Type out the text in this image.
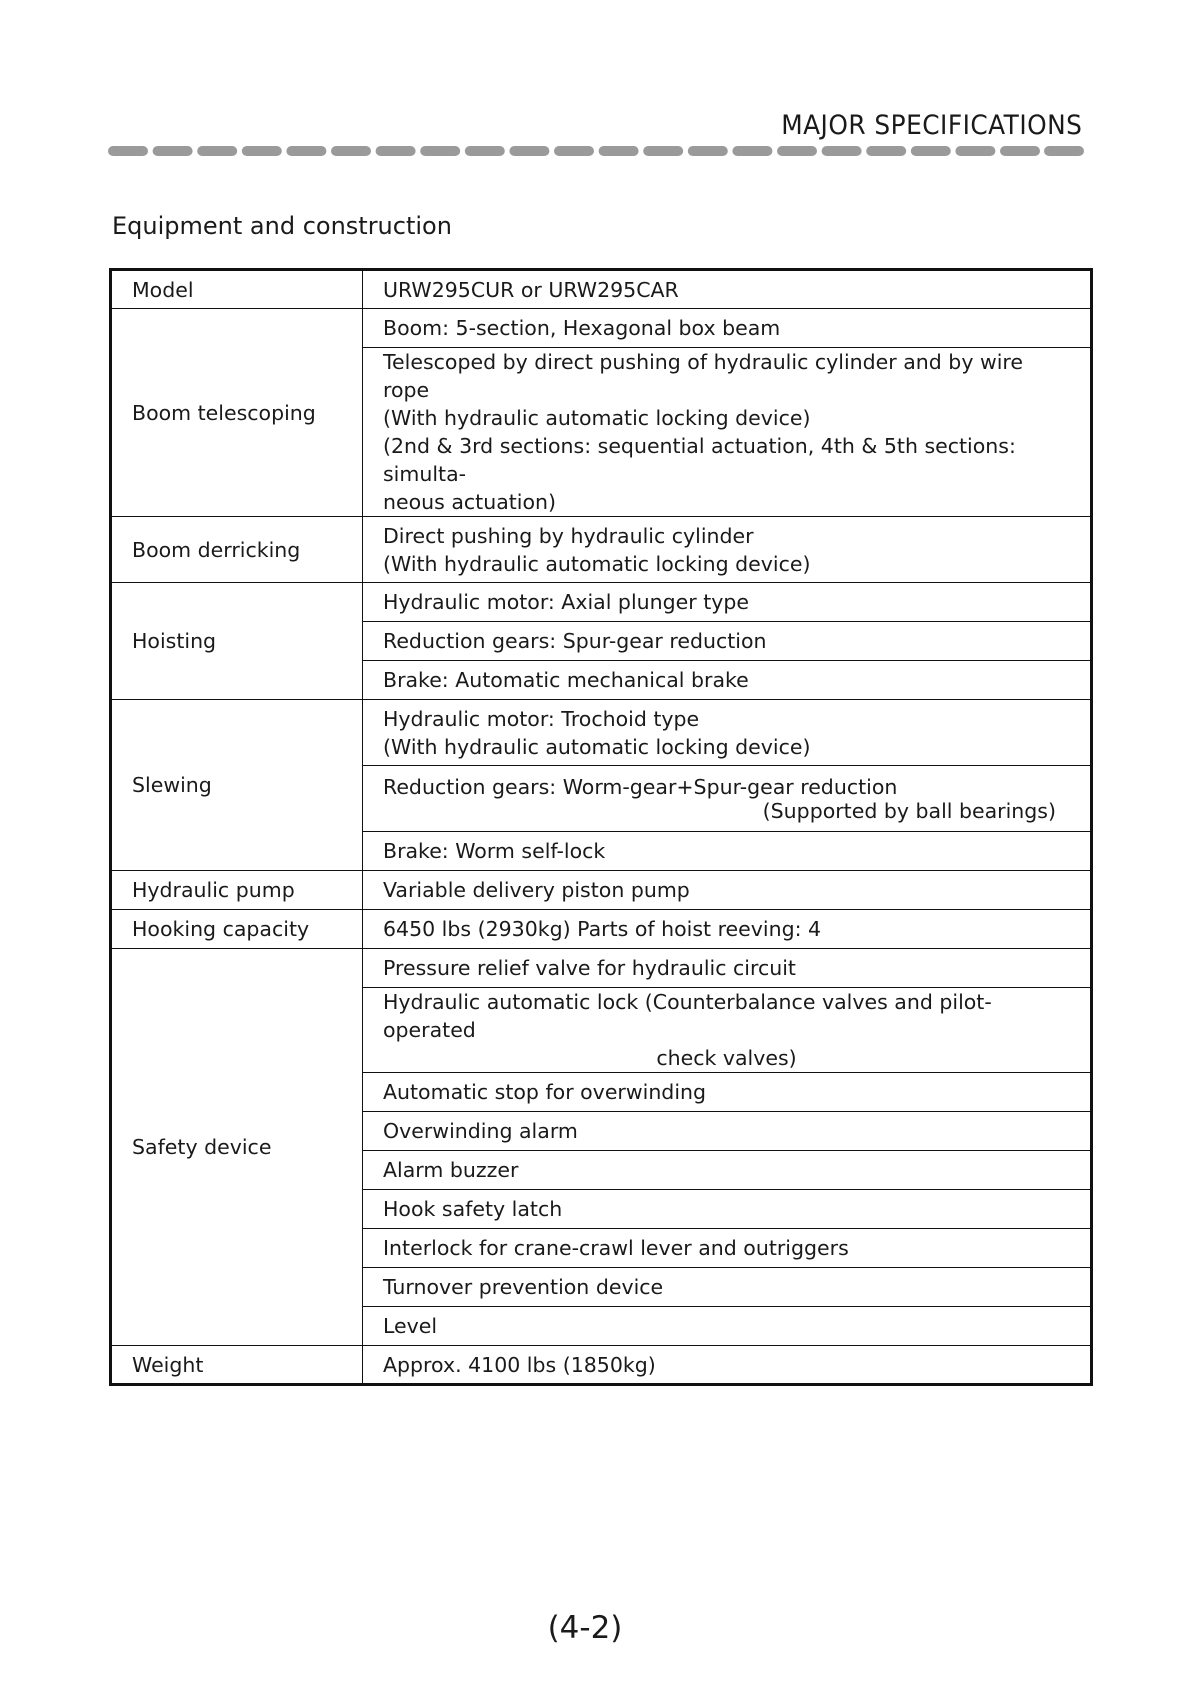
MAJOR SPECIFICATIONS
Equipment and construction
Model	URW295CUR or URW295CAR
Boom telescoping	Boom: 5-section, Hexagonal box beam

	Telescoped by direct pushing of hydraulic cylinder and by wire rope
(With hydraulic automatic locking device)
(2nd & 3rd sections: sequential actuation, 4th & 5th sections: simulta-
neous actuation)

Boom derricking	Direct pushing by hydraulic cylinder
(With hydraulic automatic locking device)

Hoisting	Hydraulic motor: Axial plunger type
	Reduction gears: Spur-gear reduction
	Brake: Automatic mechanical brake
Slewing	Hydraulic motor: Trochoid type
(With hydraulic automatic locking device)

	Reduction gears: Worm-gear+Spur-gear reduction
(Supported by ball bearings)

	Brake: Worm self-lock
Hydraulic pump	Variable delivery piston pump
Hooking capacity	6450 lbs (2930kg) Parts of hoist reeving: 4
Safety device	Pressure relief valve for hydraulic circuit

	Hydraulic automatic lock (Counterbalance valves and pilot-operated
check valves)

	Automatic stop for overwinding
	Overwinding alarm
	Alarm buzzer
	Hook safety latch
	Interlock for crane-crawl lever and outriggers
	Turnover prevention device
	Level
Weight	Approx. 4100 lbs (1850kg)
(4-2)
